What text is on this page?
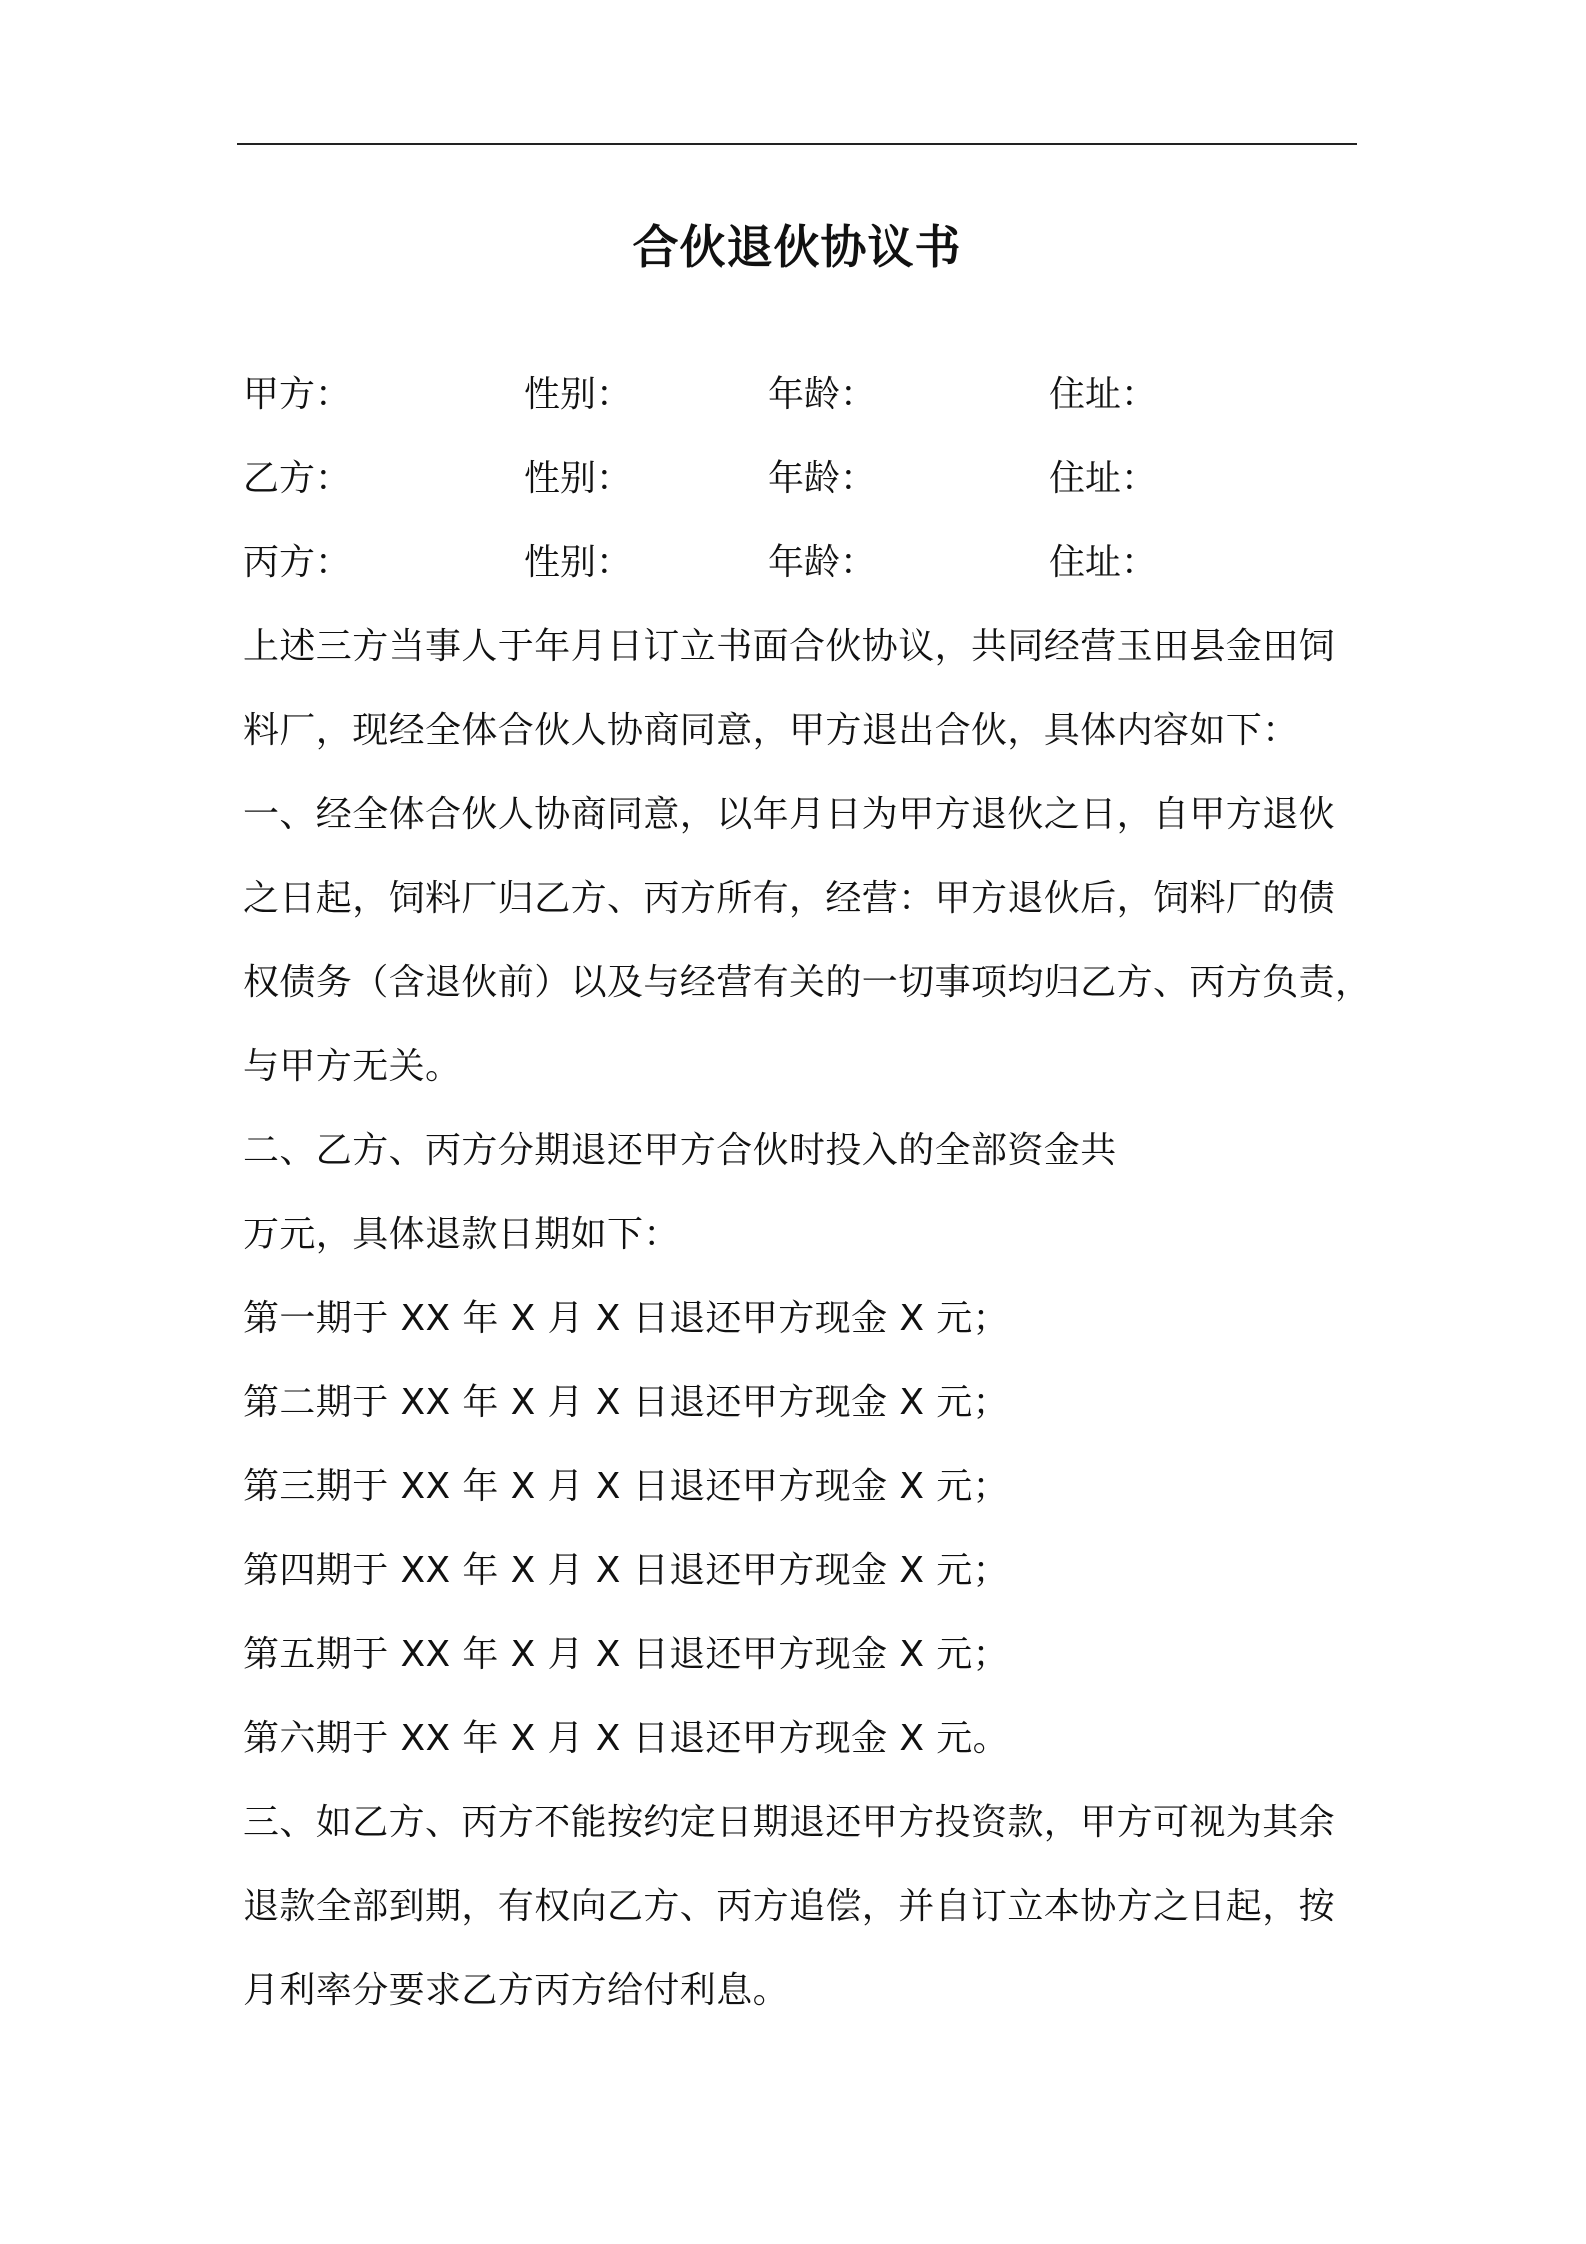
合伙退伙协议书
甲方：	性别：	年龄：	住址：
乙方：	性别：	年龄：	住址：
丙方：	性别：	年龄：	住址：

上述三方当事人于年月日订立书面合伙协议，共同经营玉田县金田饲

料厂，现经全体合伙人协商同意，甲方退出合伙，具体内容如下：

一、经全体合伙人协商同意，以年月日为甲方退伙之日，自甲方退伙

之日起，饲料厂归乙方、丙方所有，经营：甲方退伙后，饲料厂的债

权债务（含退伙前）以及与经营有关的一切事项均归乙方、丙方负责，

与甲方无关。

二、乙方、丙方分期退还甲方合伙时投入的全部资金共

万元，具体退款日期如下：

第一期于 XX 年 X 月 X 日退还甲方现金 X 元；

第二期于 XX 年 X 月 X 日退还甲方现金 X 元；

第三期于 XX 年 X 月 X 日退还甲方现金 X 元；

第四期于 XX 年 X 月 X 日退还甲方现金 X 元；

第五期于 XX 年 X 月 X 日退还甲方现金 X 元；

第六期于 XX 年 X 月 X 日退还甲方现金 X 元。

三、如乙方、丙方不能按约定日期退还甲方投资款，甲方可视为其余

退款全部到期，有权向乙方、丙方追偿，并自订立本协方之日起，按

月利率分要求乙方丙方给付利息。
